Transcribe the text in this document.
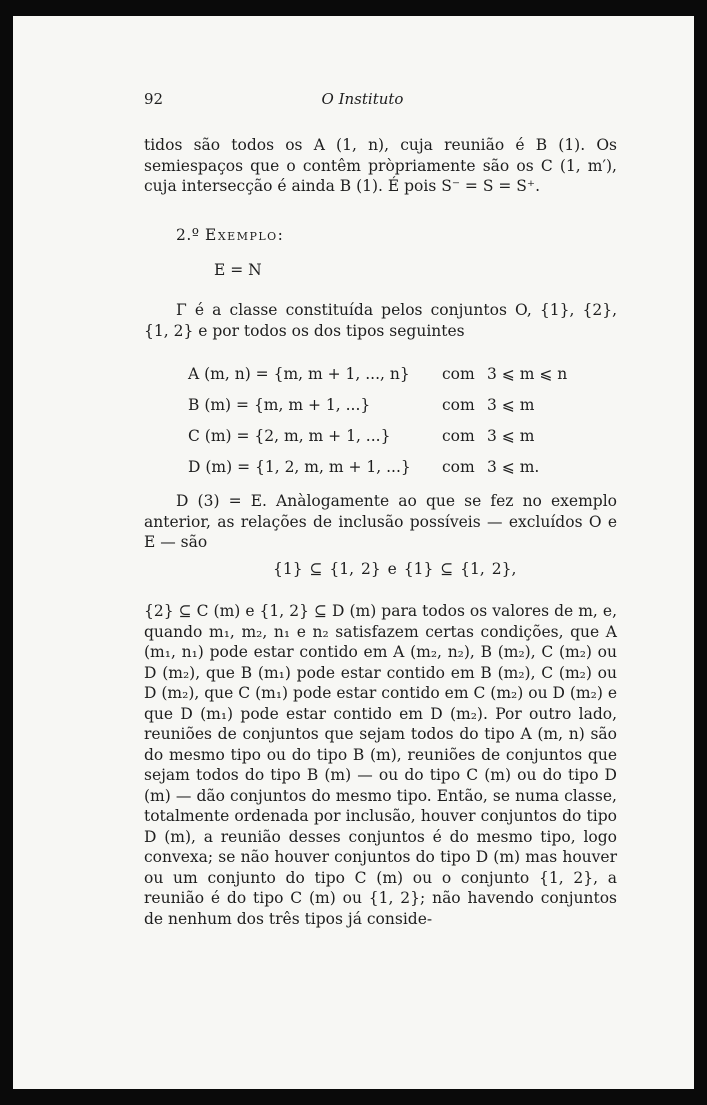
92	O Instituto

tidos são todos os A (1, n), cuja reunião é B (1). Os semiespaços que o contêm pròpriamente são os C (1, m′), cuja intersecção é ainda B (1). É pois S⁻ = S = S⁺.

2.º Exemplo:
E = N

Γ é a classe constituída pelos conjuntos O, {1}, {2}, {1, 2} e por todos os dos tipos seguintes

A (m, n) = {m, m + 1, ..., n} com 3 ⩽ m ⩽ n
B (m) = {m, m + 1, ...}	com 3 ⩽ m
C (m) = {2, m, m + 1, ...}	com 3 ⩽ m
D (m) = {1, 2, m, m + 1, ...} com 3 ⩽ m.

D (3) = E. Anàlogamente ao que se fez no exemplo anterior, as relações de inclusão possíveis — excluídos O e E — são

{1} ⊆ {1, 2} e {1} ⊆ {1, 2},

{2} ⊆ C (m) e {1, 2} ⊆ D (m) para todos os valores de m, e, quando m₁, m₂, n₁ e n₂ satisfazem certas condições, que A (m₁, n₁) pode estar contido em A (m₂, n₂), B (m₂), C (m₂) ou D (m₂), que B (m₁) pode estar contido em B (m₂), C (m₂) ou D (m₂), que C (m₁) pode estar contido em C (m₂) ou D (m₂) e que D (m₁) pode estar contido em D (m₂). Por outro lado, reuniões de conjuntos que sejam todos do tipo A (m, n) são do mesmo tipo ou do tipo B (m), reuniões de conjuntos que sejam todos do tipo B (m) — ou do tipo C (m) ou do tipo D (m) — dão conjuntos do mesmo tipo. Então, se numa classe, totalmente ordenada por inclusão, houver conjuntos do tipo D (m), a reunião desses conjuntos é do mesmo tipo, logo convexa; se não houver conjuntos do tipo D (m) mas houver ou um conjunto do tipo C (m) ou o conjunto {1, 2}, a reunião é do tipo C (m) ou {1, 2}; não havendo conjuntos de nenhum dos três tipos já conside-
